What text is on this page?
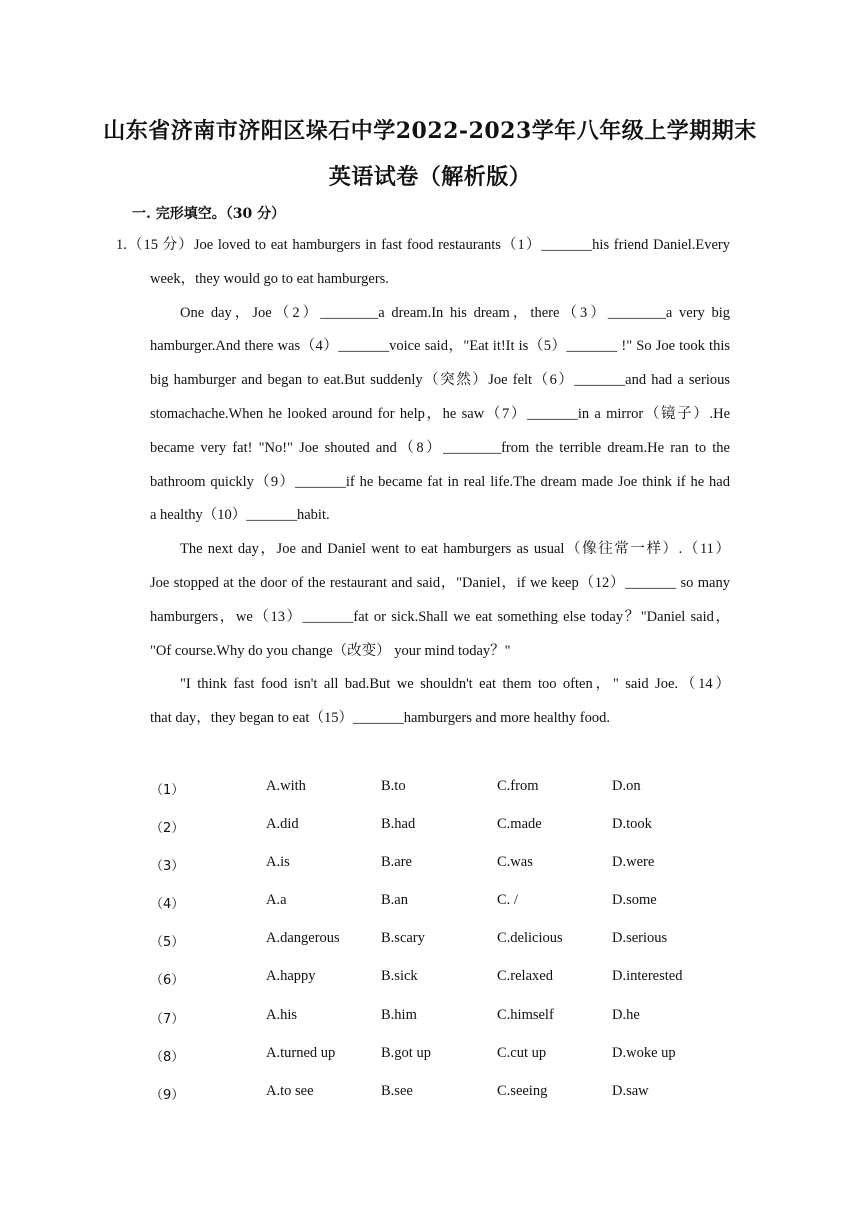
山东省济南市济阳区垛石中学2022-2023学年八年级上学期期末
英语试卷（解析版）
一. 完形填空。（30 分）
1.（15 分）Joe loved to eat hamburgers in fast food restaurants（1）_______his friend Daniel.Every
week，they would go to eat hamburgers.
One day，Joe（2）________a dream.In his dream，there（3）________a very big
hamburger.And there was（4）_______voice said，"Eat it!It is（5）_______ !" So Joe took this
big hamburger and began to eat.But suddenly（突然）Joe felt（6）_______and had a serious
stomachache.When he looked around for help，he saw（7）_______in a mirror（镜子）.He
became very fat! "No!" Joe shouted and（8）________from the terrible dream.He ran to the
bathroom quickly（9）_______if he became fat in real life.The dream made Joe think if he had
a healthy（10）_______habit.
The next day，Joe and Daniel went to eat hamburgers as usual（像往常一样）.（11）
Joe stopped at the door of the restaurant and said，"Daniel，if we keep（12）_______ so many
hamburgers，we（13）_______fat or sick.Shall we eat something else today？"Daniel said，
"Of course.Why do you change（改变） your mind today？"
"I think fast food isn't all bad.But we shouldn't eat them too often，" said Joe.（14）
that day，they began to eat（15）_______hamburgers and more healthy food.
（1）	A.with	B.to	C.from	D.on
（2）	A.did	B.had	C.made	D.took
（3）	A.is	B.are	C.was	D.were
（4）	A.a	B.an	C. /	D.some
（5）	A.dangerous	B.scary	C.delicious	D.serious
（6）	A.happy	B.sick	C.relaxed	D.interested
（7）	A.his	B.him	C.himself	D.he
（8）	A.turned up	B.got up	C.cut up	D.woke up
（9）	A.to see	B.see	C.seeing	D.saw
